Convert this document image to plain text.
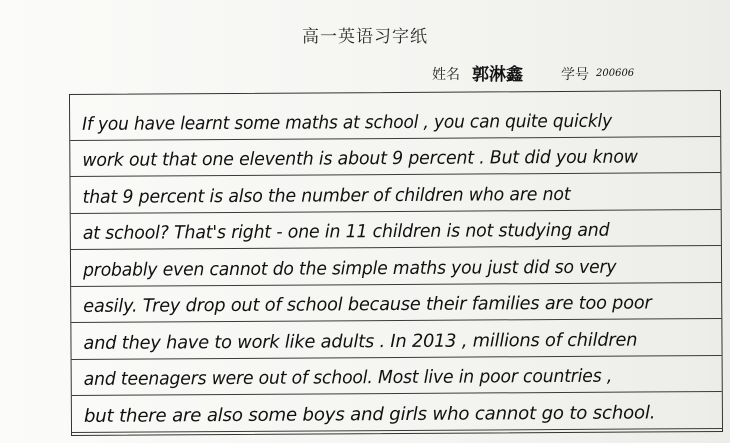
高一英语习字纸
姓名 郭淋鑫	学号 200606
If you have learnt some maths at school , you can quite quickly
work out that one eleventh is about 9 percent . But did you know
that 9 percent is also the number of children who are not
at school? That's right - one in 11 children is not studying and
probably even cannot do the simple maths you just did so very
easily. Trey drop out of school because their families are too poor
and they have to work like adults . In 2013 , millions of children
and teenagers were out of school. Most live in poor countries ,
but there are also some boys and girls who cannot go to school.
